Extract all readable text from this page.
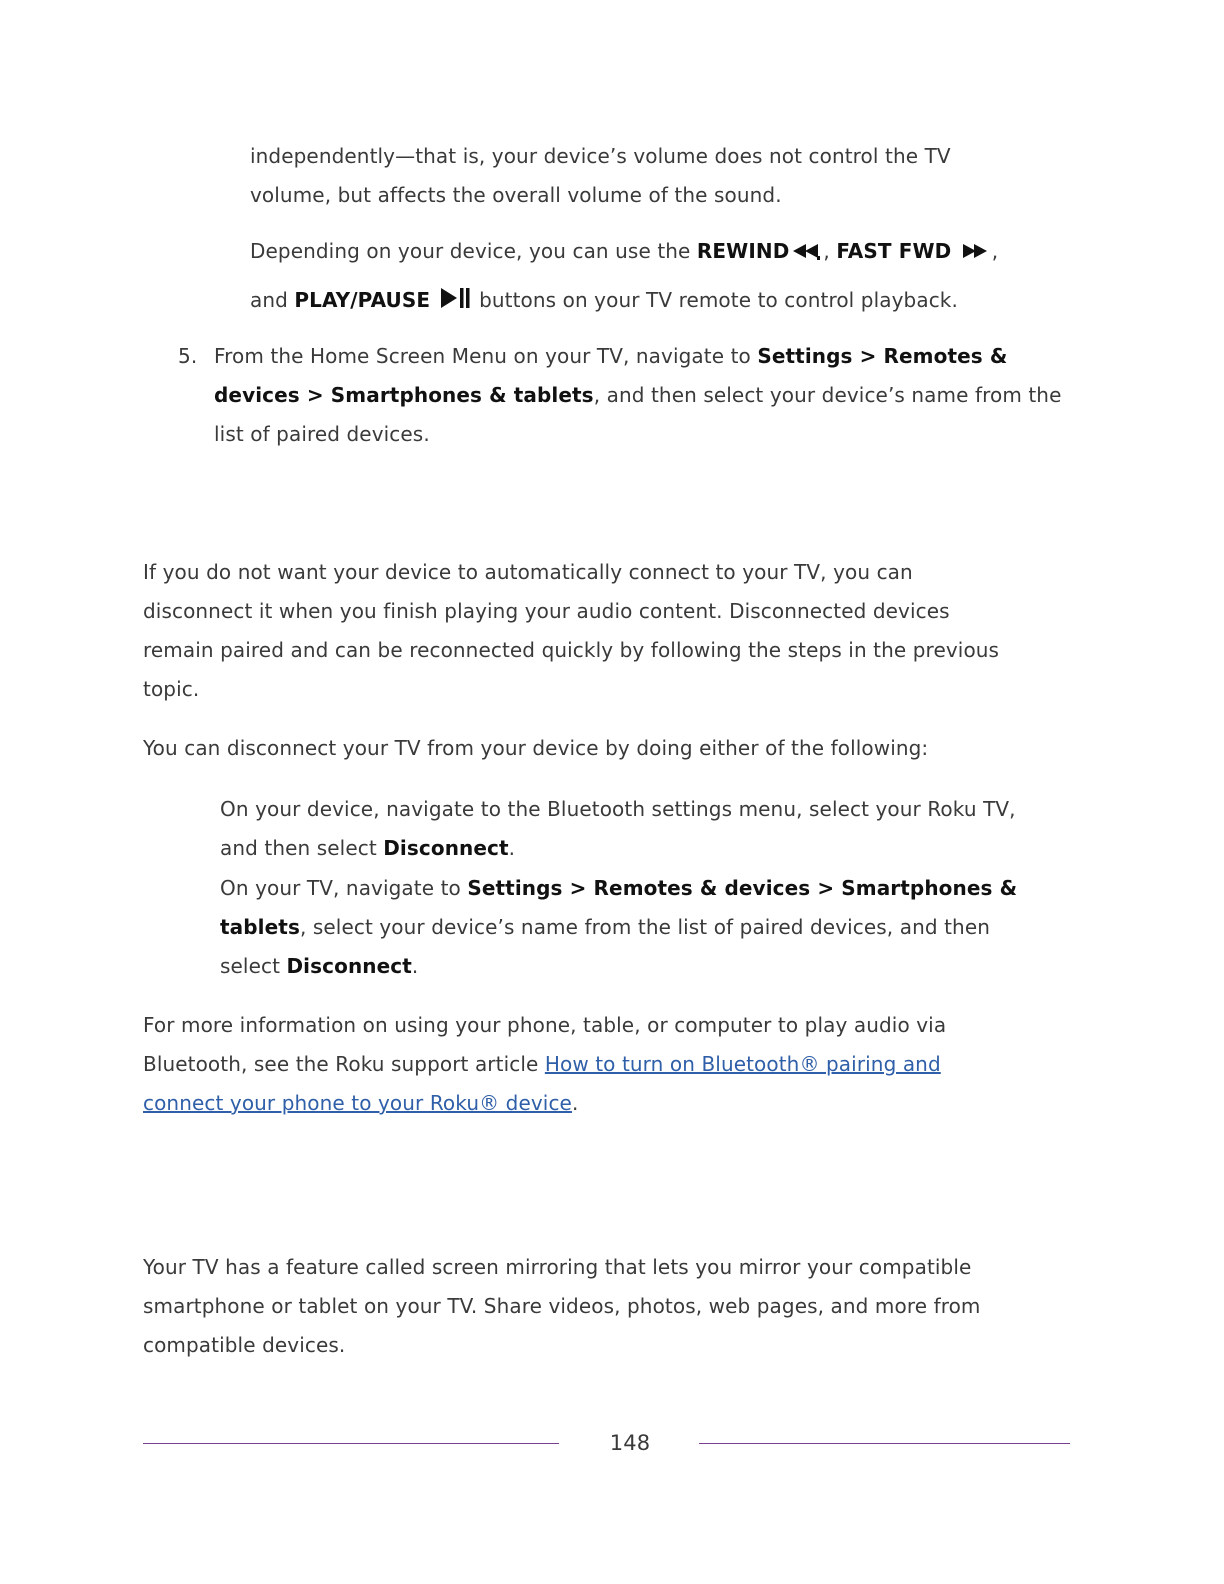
independently—that is, your device’s volume does not control the TV
volume, but affects the overall volume of the sound.

Depending on your device, you can use the REWIND , FAST FWD ,
and PLAY/PAUSE  buttons on your TV remote to control playback.

5. From the Home Screen Menu on your TV, navigate to Settings > Remotes &
devices > Smartphones & tablets, and then select your device’s name from the
list of paired devices.

If you do not want your device to automatically connect to your TV, you can
disconnect it when you finish playing your audio content. Disconnected devices
remain paired and can be reconnected quickly by following the steps in the previous
topic.

You can disconnect your TV from your device by doing either of the following:

On your device, navigate to the Bluetooth settings menu, select your Roku TV,
and then select Disconnect.

On your TV, navigate to Settings > Remotes & devices > Smartphones &
tablets, select your device’s name from the list of paired devices, and then
select Disconnect.

For more information on using your phone, table, or computer to play audio via
Bluetooth, see the Roku support article How to turn on Bluetooth® pairing and
connect your phone to your Roku® device.

Your TV has a feature called screen mirroring that lets you mirror your compatible
smartphone or tablet on your TV. Share videos, photos, web pages, and more from
compatible devices.

148
